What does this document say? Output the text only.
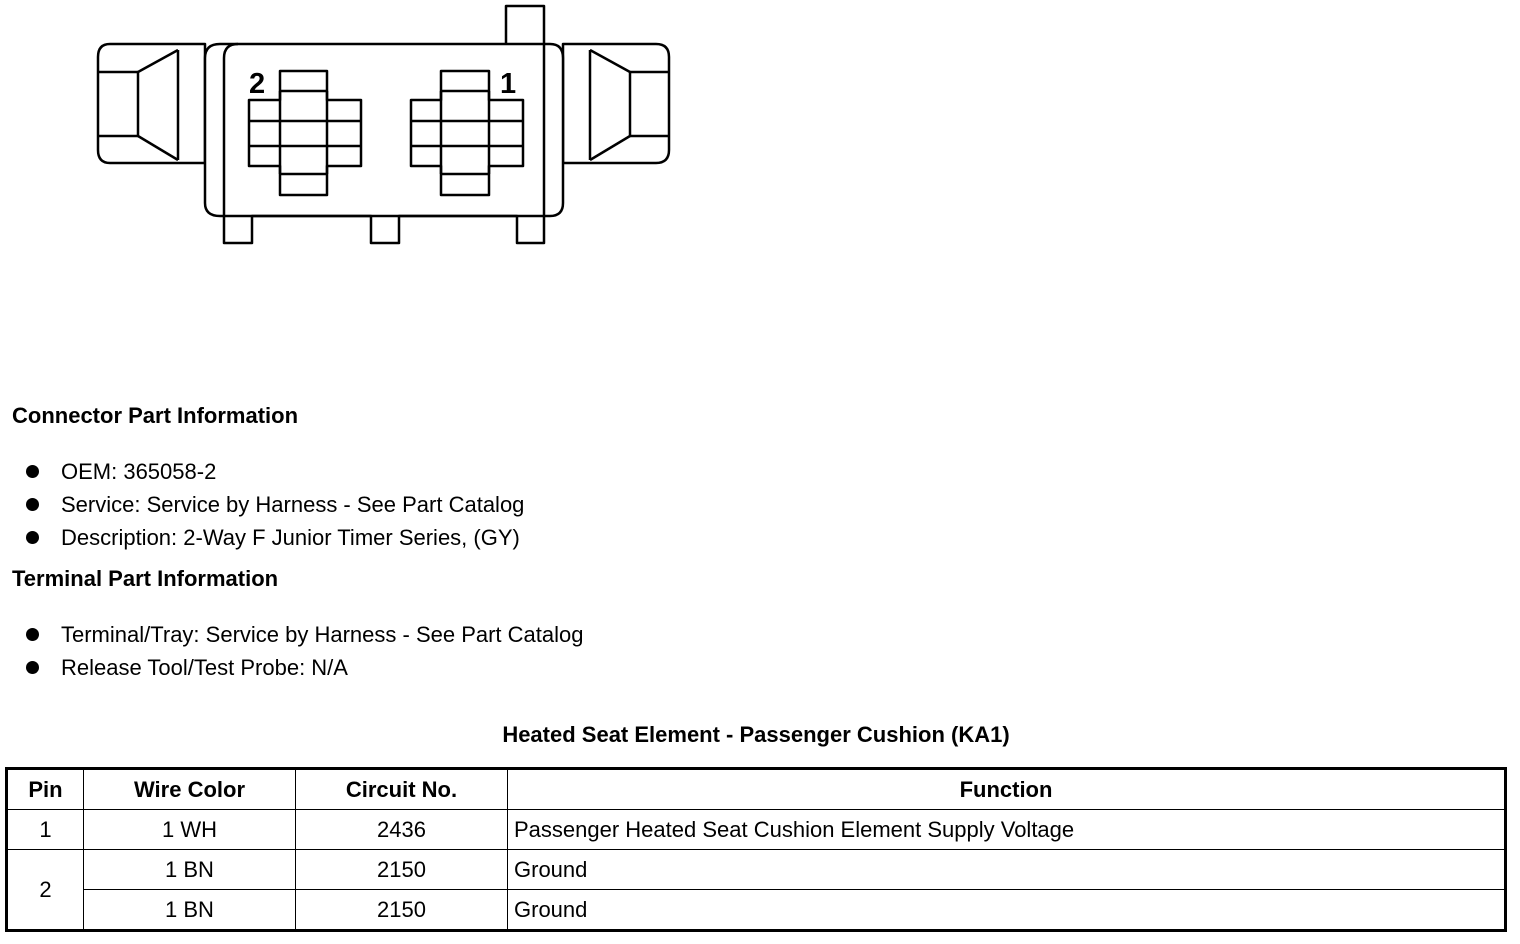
2	1
Connector Part Information
OEM: 365058-2
Service: Service by Harness - See Part Catalog
Description: 2-Way F Junior Timer Series, (GY)
Terminal Part Information
Terminal/Tray: Service by Harness - See Part Catalog
Release Tool/Test Probe: N/A
Heated Seat Element - Passenger Cushion (KA1)
Pin	Wire Color	Circuit No.	Function
1	1 WH	2436	Passenger Heated Seat Cushion Element Supply Voltage
2	1 BN	2150	Ground
	1 BN	2150	Ground
